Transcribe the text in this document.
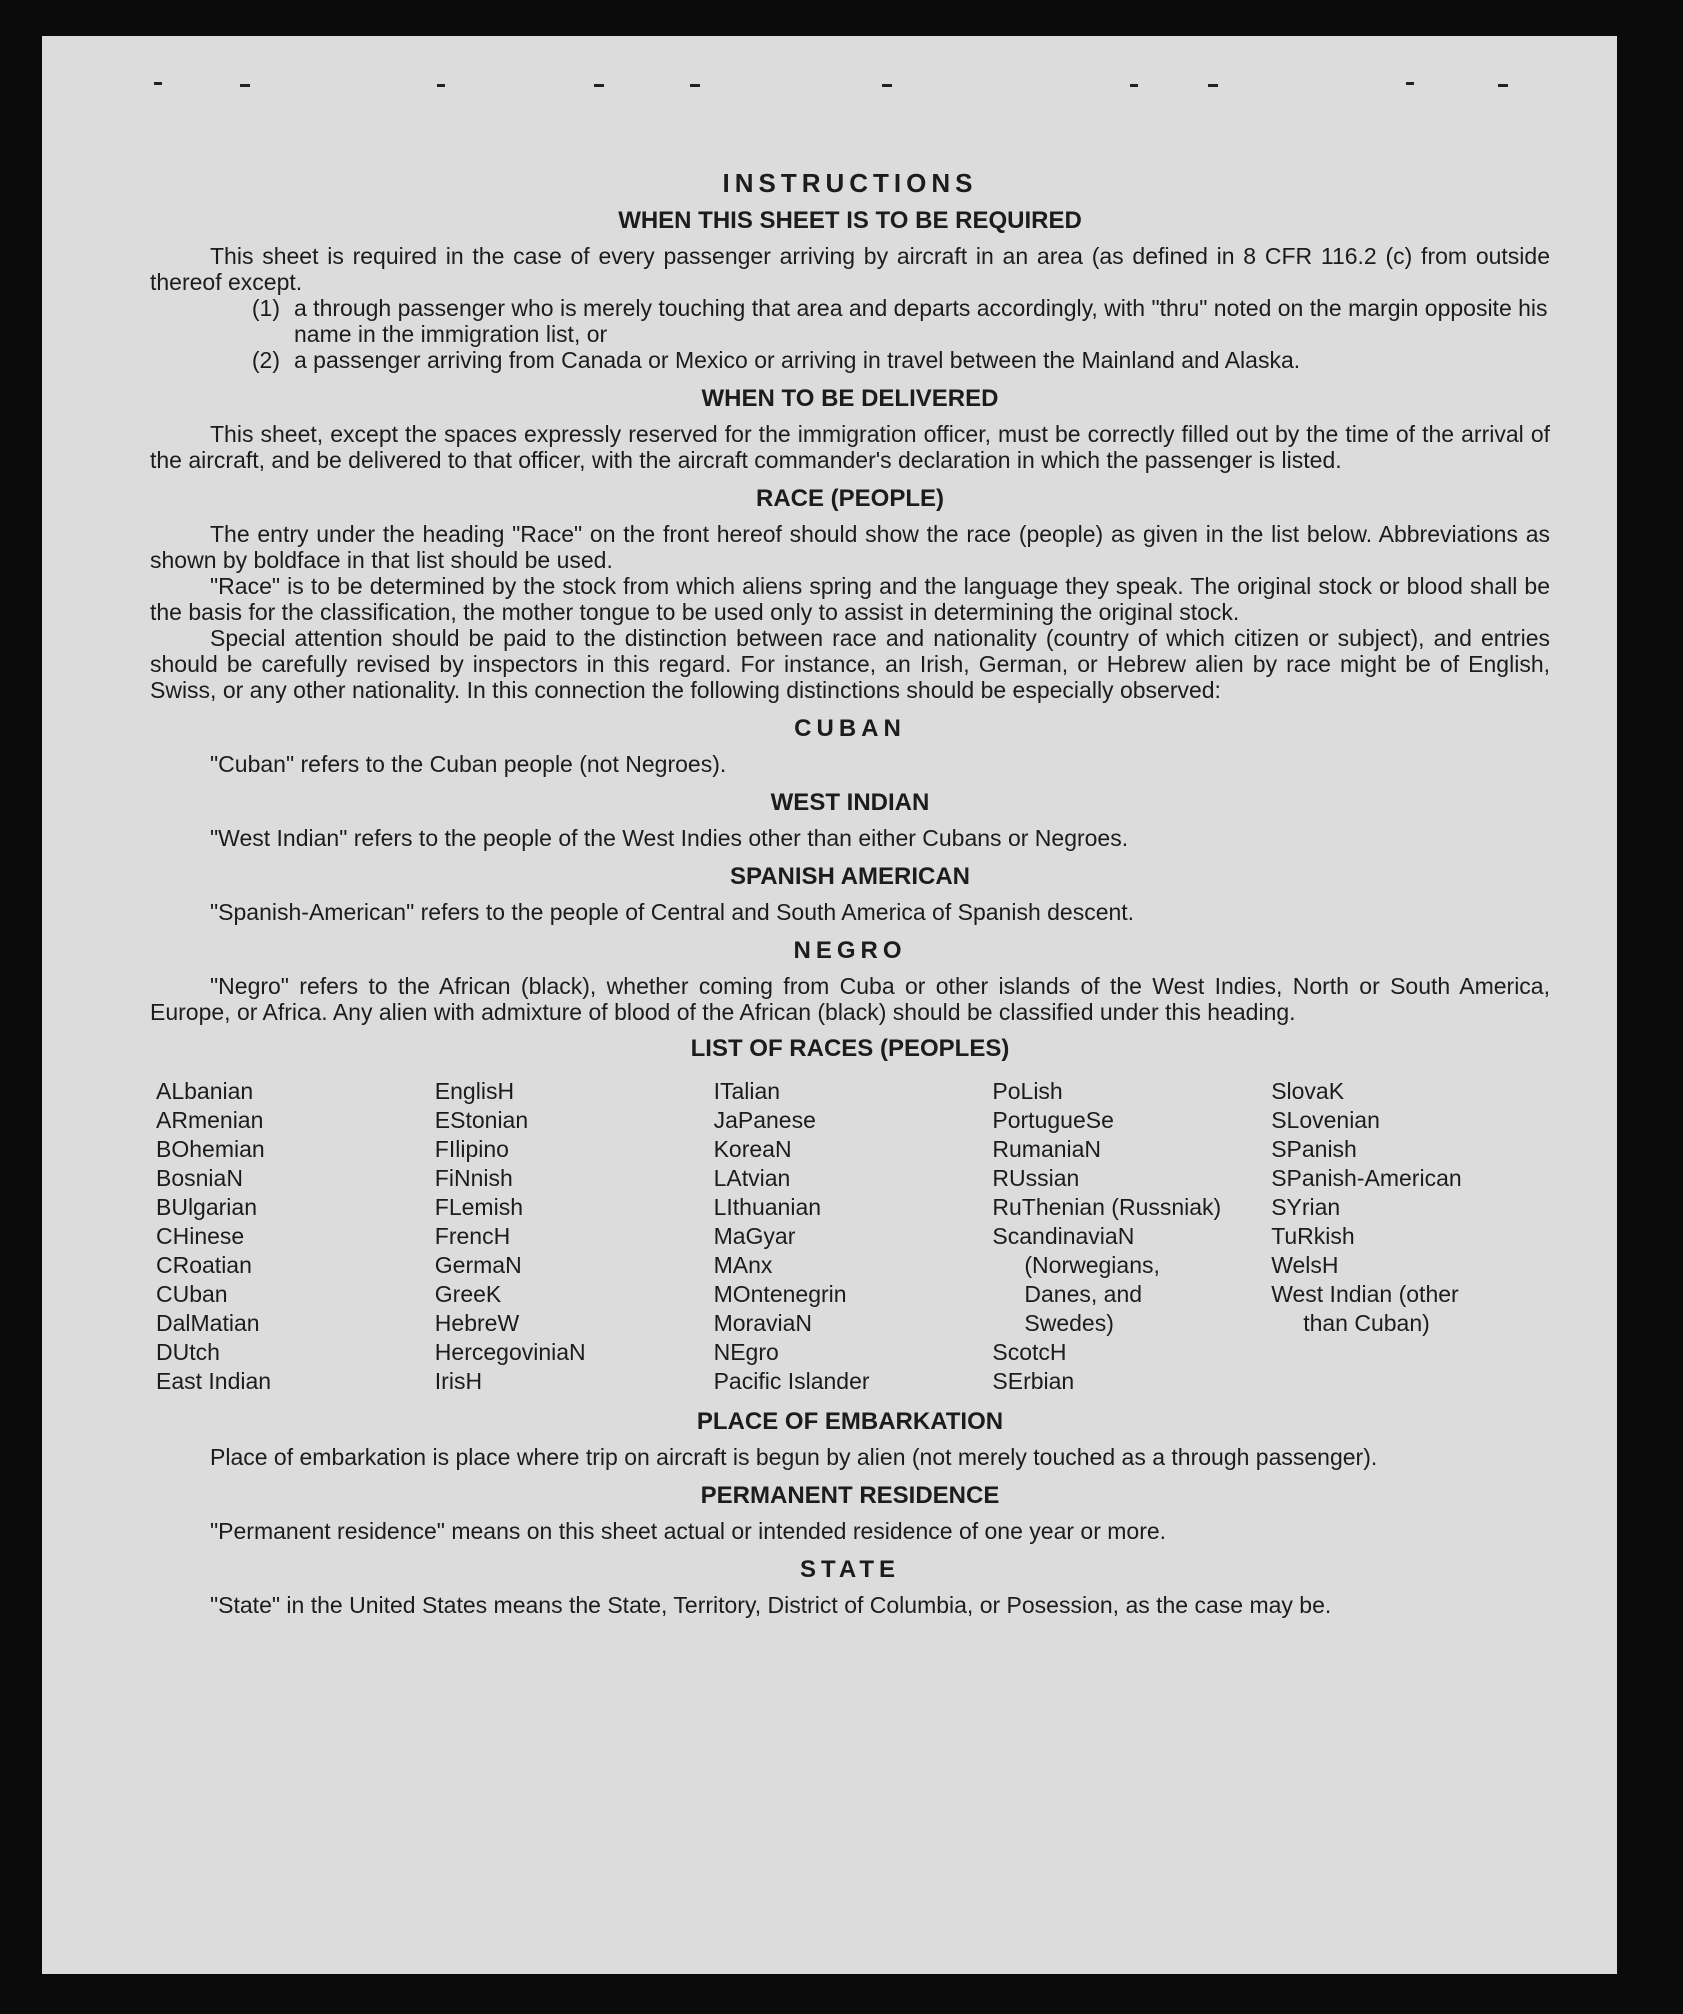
INSTRUCTIONS
WHEN THIS SHEET IS TO BE REQUIRED

This sheet is required in the case of every passenger arriving by aircraft in an area (as defined in 8 CFR 116.2 (c) from outside thereof except.

(1) a through passenger who is merely touching that area and departs accordingly, with "thru" noted on the margin opposite his name in the immigration list, or
(2) a passenger arriving from Canada or Mexico or arriving in travel between the Mainland and Alaska.
WHEN TO BE DELIVERED

This sheet, except the spaces expressly reserved for the immigration officer, must be correctly filled out by the time of the arrival of the aircraft, and be delivered to that officer, with the aircraft commander's declaration in which the passenger is listed.

RACE (PEOPLE)

The entry under the heading "Race" on the front hereof should show the race (people) as given in the list below. Abbreviations as shown by boldface in that list should be used.

"Race" is to be determined by the stock from which aliens spring and the language they speak. The original stock or blood shall be the basis for the classification, the mother tongue to be used only to assist in determining the original stock.

Special attention should be paid to the distinction between race and nationality (country of which citizen or subject), and entries should be carefully revised by inspectors in this regard. For instance, an Irish, German, or Hebrew alien by race might be of English, Swiss, or any other nationality. In this connection the following distinctions should be especially observed:

CUBAN

"Cuban" refers to the Cuban people (not Negroes).

WEST INDIAN

"West Indian" refers to the people of the West Indies other than either Cubans or Negroes.

SPANISH AMERICAN

"Spanish-American" refers to the people of Central and South America of Spanish descent.

NEGRO

"Negro" refers to the African (black), whether coming from Cuba or other islands of the West Indies, North or South America, Europe, or Africa. Any alien with admixture of blood of the African (black) should be classified under this heading.

LIST OF RACES (PEOPLES)
ALbanian
ARmenian
BOhemian
BosniaN
BUlgarian
CHinese
CRoatian
CUban
DalMatian
DUtch
East Indian
EnglisH
EStonian
FIlipino
FiNnish
FLemish
FrencH
GermaN
GreeK
HebreW
HercegoviniaN
IrisH
ITalian
JaPanese
KoreaN
LAtvian
LIthuanian
MaGyar
MAnx
MOntenegrin
MoraviaN
NEgro
Pacific Islander
PoLish
PortugueSe
RumaniaN
RUssian
RuThenian (Russniak)
ScandinaviaN
(Norwegians,
Danes, and
Swedes)
ScotcH
SErbian
SlovaK
SLovenian
SPanish
SPanish-American
SYrian
TuRkish
WelsH
West Indian (other
than Cuban)
PLACE OF EMBARKATION

Place of embarkation is place where trip on aircraft is begun by alien (not merely touched as a through passenger).

PERMANENT RESIDENCE

"Permanent residence" means on this sheet actual or intended residence of one year or more.

STATE

"State" in the United States means the State, Territory, District of Columbia, or Posession, as the case may be.
